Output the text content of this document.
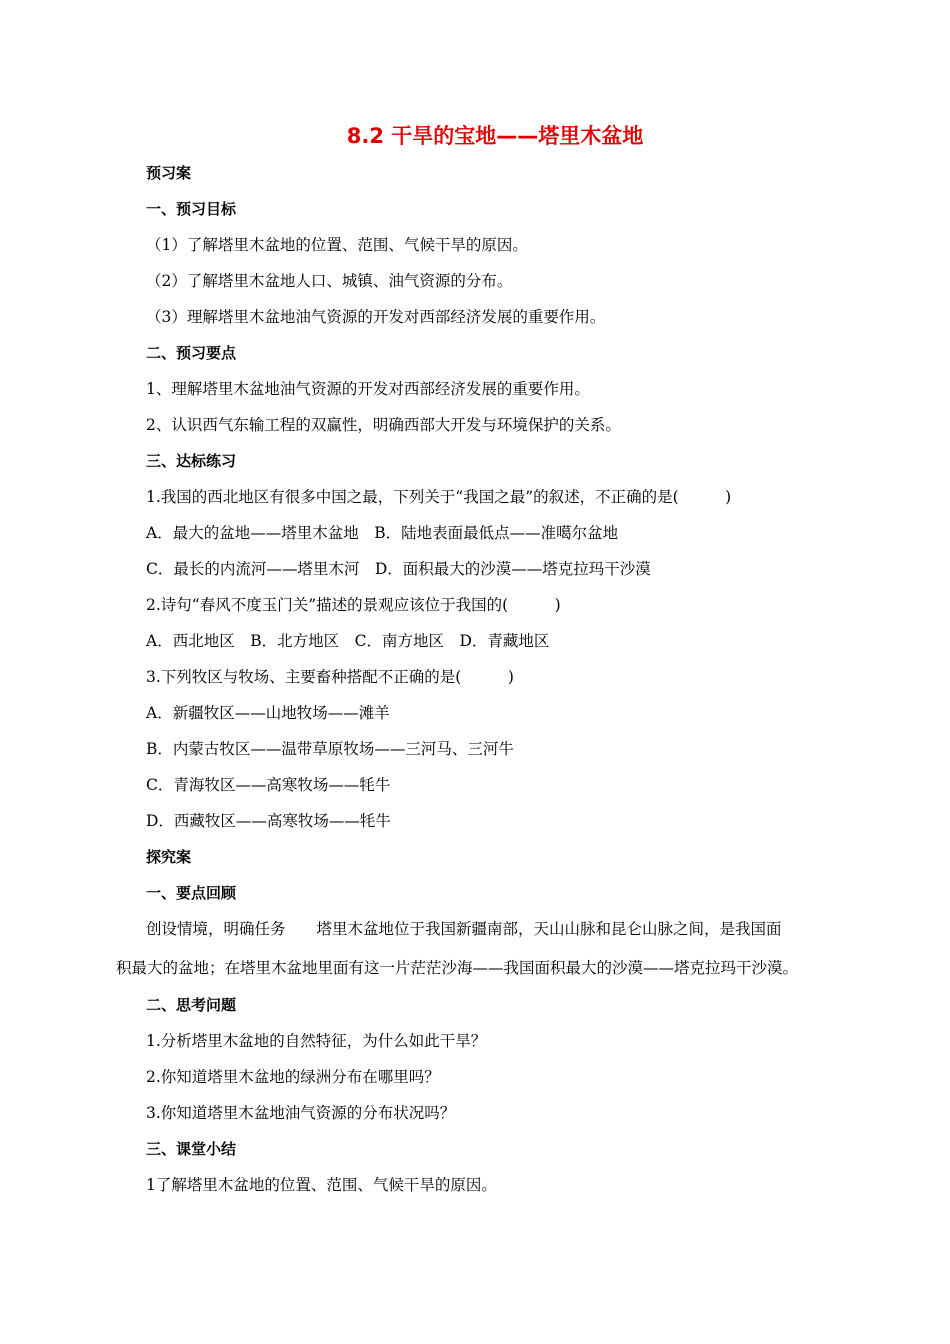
8.2 干旱的宝地——塔里木盆地
预习案
一、预习目标
（1）了解塔里木盆地的位置、范围、气候干旱的原因。
（2）了解塔里木盆地人口、城镇、油气资源的分布。
（3）理解塔里木盆地油气资源的开发对西部经济发展的重要作用。
二、预习要点
1、理解塔里木盆地油气资源的开发对西部经济发展的重要作用。
2、认识西气东输工程的双赢性，明确西部大开发与环境保护的关系。
三、达标练习
1.我国的西北地区有很多中国之最，下列关于“我国之最”的叙述，不正确的是(　　　)
A．最大的盆地——塔里木盆地　B．陆地表面最低点——准噶尔盆地
C．最长的内流河——塔里木河　D．面积最大的沙漠——塔克拉玛干沙漠
2.诗句“春风不度玉门关”描述的景观应该位于我国的(　　　)
A．西北地区　B．北方地区　C．南方地区　D．青藏地区
3.下列牧区与牧场、主要畜种搭配不正确的是(　　　)
A．新疆牧区——山地牧场——滩羊
B．内蒙古牧区——温带草原牧场——三河马、三河牛
C．青海牧区——高寒牧场——牦牛
D．西藏牧区——高寒牧场——牦牛
探究案
一、要点回顾
创设情境，明确任务　　塔里木盆地位于我国新疆南部，天山山脉和昆仑山脉之间，是我国面
积最大的盆地；在塔里木盆地里面有这一片茫茫沙海——我国面积最大的沙漠——塔克拉玛干沙漠。
二、思考问题
1.分析塔里木盆地的自然特征，为什么如此干旱？
2.你知道塔里木盆地的绿洲分布在哪里吗？
3.你知道塔里木盆地油气资源的分布状况吗？
三、课堂小结
1了解塔里木盆地的位置、范围、气候干旱的原因。
